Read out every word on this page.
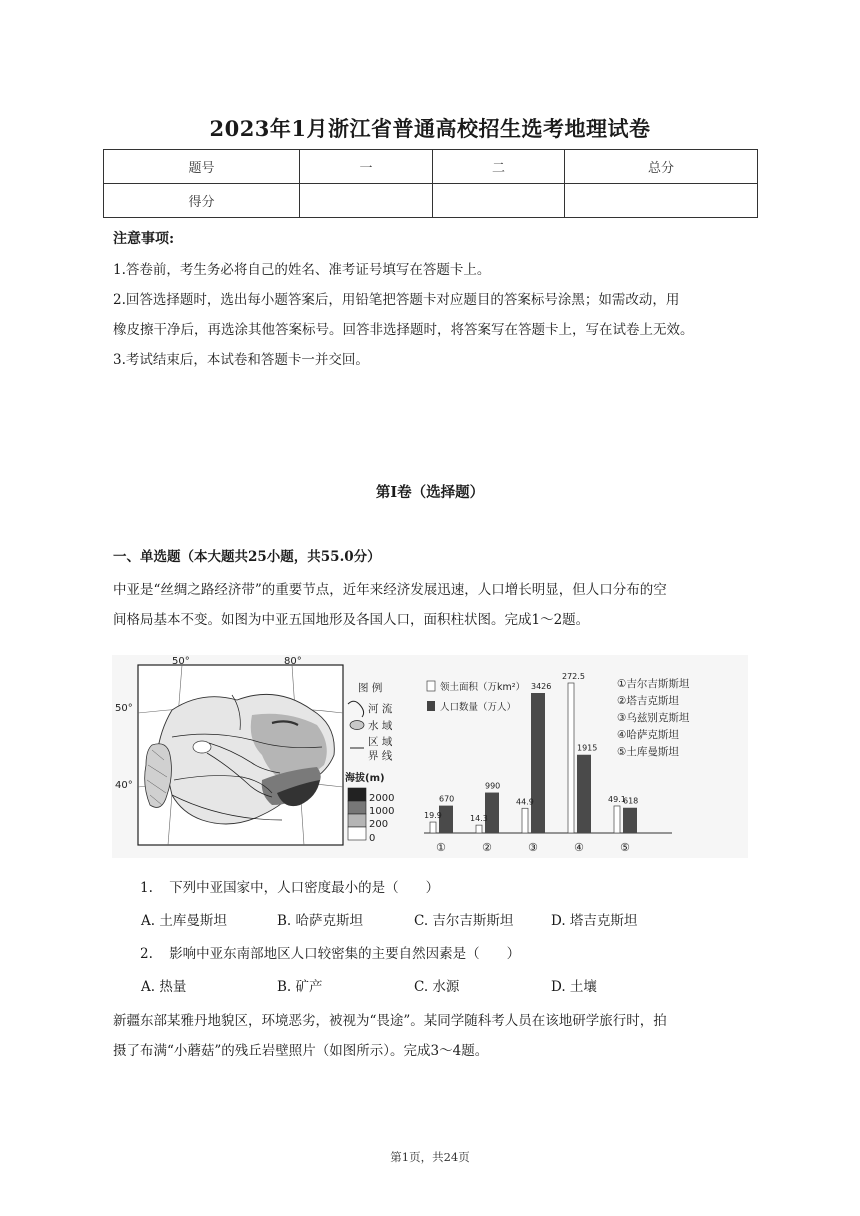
2023年1月浙江省普通高校招生选考地理试卷
题号	一	二	总分
得分			
注意事项:
1.答卷前，考生务必将自己的姓名、准考证号填写在答题卡上。
2.回答选择题时，选出每小题答案后，用铅笔把答题卡对应题目的答案标号涂黑；如需改动，用
橡皮擦干净后，再选涂其他答案标号。回答非选择题时，将答案写在答题卡上，写在试卷上无效。
3.考试结束后，本试卷和答题卡一并交回。
第I卷（选择题）
一、单选题（本大题共25小题，共55.0分）
中亚是“丝绸之路经济带”的重要节点，近年来经济发展迅速，人口增长明显，但人口分布的空
间格局基本不变。如图为中亚五国地形及各国人口，面积柱状图。完成1～2题。
50°	80°
50°
40°
图 例
河 流
水 域
区 域
界 线
海拔(m)
2000
1000
200
0
领土面积（万km²）
人口数量（万人）
19.9
670
①
14.3
990
②
44.9
3426
③
272.5
1915
④
49.1
618
⑤
①吉尔吉斯斯坦
②塔吉克斯坦
③乌兹别克斯坦
④哈萨克斯坦
⑤土库曼斯坦
1. 下列中亚国家中，人口密度最小的是（　　）
A. 土库曼斯坦	B. 哈萨克斯坦	C. 吉尔吉斯斯坦	D. 塔吉克斯坦
2. 影响中亚东南部地区人口较密集的主要自然因素是（　　）
A. 热量	B. 矿产	C. 水源	D. 土壤
新疆东部某雅丹地貌区，环境恶劣，被视为“畏途”。某同学随科考人员在该地研学旅行时，拍
摄了布满“小蘑菇”的残丘岩壁照片（如图所示）。完成3～4题。
第1页，共24页
